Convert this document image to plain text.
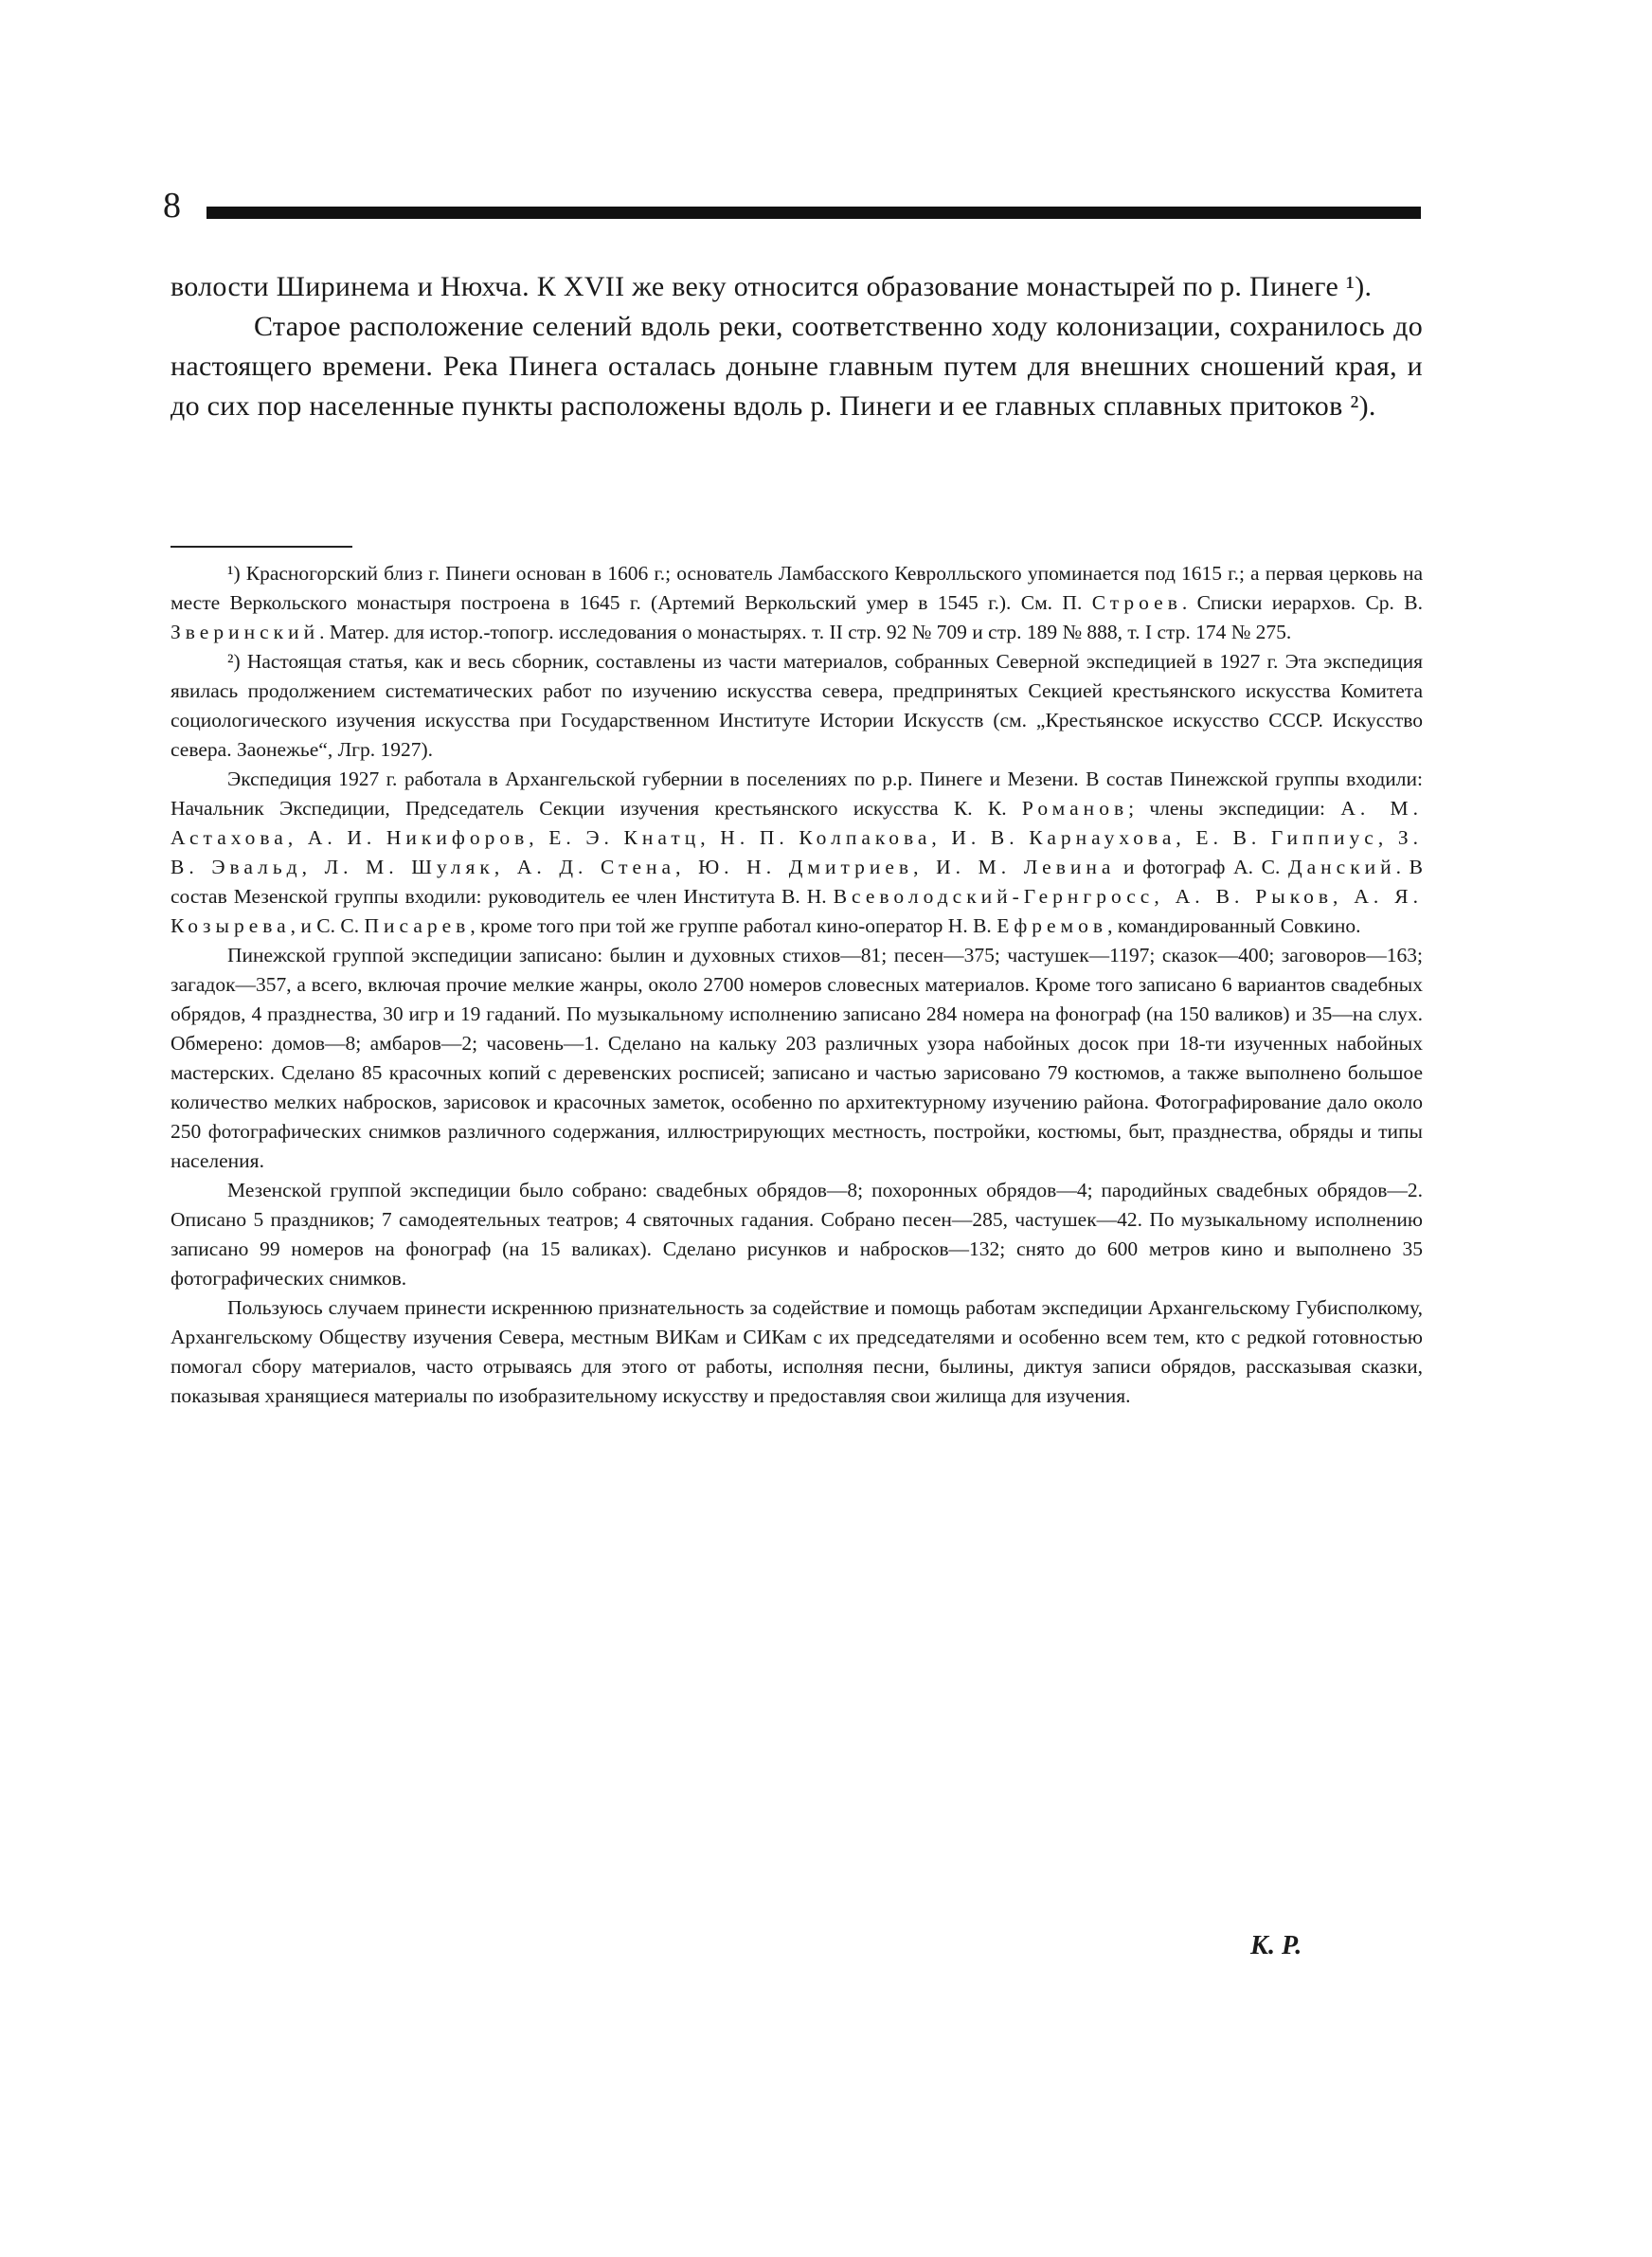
8

волости Ширинема и Нюхча. К XVII же веку относится образование монастырей по р. Пинеге ¹).

Старое расположение селений вдоль реки, соответственно ходу колонизации, сохранилось до настоящего времени. Река Пинега осталась доныне главным путем для внешних сношений края, и до сих пор населенные пункты расположены вдоль р. Пинеги и ее главных сплавных притоков ²).

¹) Красногорский близ г. Пинеги основан в 1606 г.; основатель Ламбасского Кевролльского упоминается под 1615 г.; а первая церковь на месте Веркольского монастыря построена в 1645 г. (Артемий Веркольский умер в 1545 г.). См. П. Строев. Списки иерархов. Ср. В. Зверинский. Матер. для истор.-топогр. исследования о монастырях. т. II стр. 92 № 709 и стр. 189 № 888, т. I стр. 174 № 275.

²) Настоящая статья, как и весь сборник, составлены из части материалов, собранных Северной экспедицией в 1927 г. Эта экспедиция явилась продолжением систематических работ по изучению искусства севера, предпринятых Секцией крестьянского искусства Комитета социологического изучения искусства при Государственном Институте Истории Искусств (см. „Крестьянское искусство СССР. Искусство севера. Заонежье“, Лгр. 1927).

Экспедиция 1927 г. работала в Архангельской губернии в поселениях по р.р. Пинеге и Мезени. В состав Пинежской группы входили: Начальник Экспедиции, Председатель Секции изучения крестьянского искусства К. К. Романов; члены экспедиции: А. М. Астахова, А. И. Никифоров, Е. Э. Кнатц, Н. П. Колпакова, И. В. Карнаухова, Е. В. Гиппиус, З. В. Эвальд, Л. М. Шуляк, А. Д. Стена, Ю. Н. Дмитриев, И. М. Левина и фотограф А. С. Данский. В состав Мезенской группы входили: руководитель ее член Института В. Н. Всеволодский-Гернгросс, А. В. Рыков, А. Я. Козырева, и С. С. Писарев, кроме того при той же группе работал кино-оператор Н. В. Ефремов, командированный Совкино.

Пинежской группой экспедиции записано: былин и духовных стихов—81; песен—375; частушек—1197; сказок—400; заговоров—163; загадок—357, а всего, включая прочие мелкие жанры, около 2700 номеров словесных материалов. Кроме того записано 6 вариантов свадебных обрядов, 4 празднества, 30 игр и 19 гаданий. По музыкальному исполнению записано 284 номера на фонограф (на 150 валиков) и 35—на слух. Обмерено: домов—8; амбаров—2; часовень—1. Сделано на кальку 203 различных узора набойных досок при 18-ти изученных набойных мастерских. Сделано 85 красочных копий с деревенских росписей; записано и частью зарисовано 79 костюмов, а также выполнено большое количество мелких набросков, зарисовок и красочных заметок, особенно по архитектурному изучению района. Фотографирование дало около 250 фотографических снимков различного содержания, иллюстрирующих местность, постройки, костюмы, быт, празднества, обряды и типы населения.

Мезенской группой экспедиции было собрано: свадебных обрядов—8; похоронных обрядов—4; пародийных свадебных обрядов—2. Описано 5 праздников; 7 самодеятельных театров; 4 святочных гадания. Собрано песен—285, частушек—42. По музыкальному исполнению записано 99 номеров на фонограф (на 15 валиках). Сделано рисунков и набросков—132; снято до 600 метров кино и выполнено 35 фотографических снимков.

Пользуюсь случаем принести искреннюю признательность за содействие и помощь работам экспедиции Архангельскому Губисполкому, Архангельскому Обществу изучения Севера, местным ВИКам и СИКам с их председателями и особенно всем тем, кто с редкой готовностью помогал сбору материалов, часто отрываясь для этого от работы, исполняя песни, былины, диктуя записи обрядов, рассказывая сказки, показывая хранящиеся материалы по изобразительному искусству и предоставляя свои жилища для изучения.

К. Р.
